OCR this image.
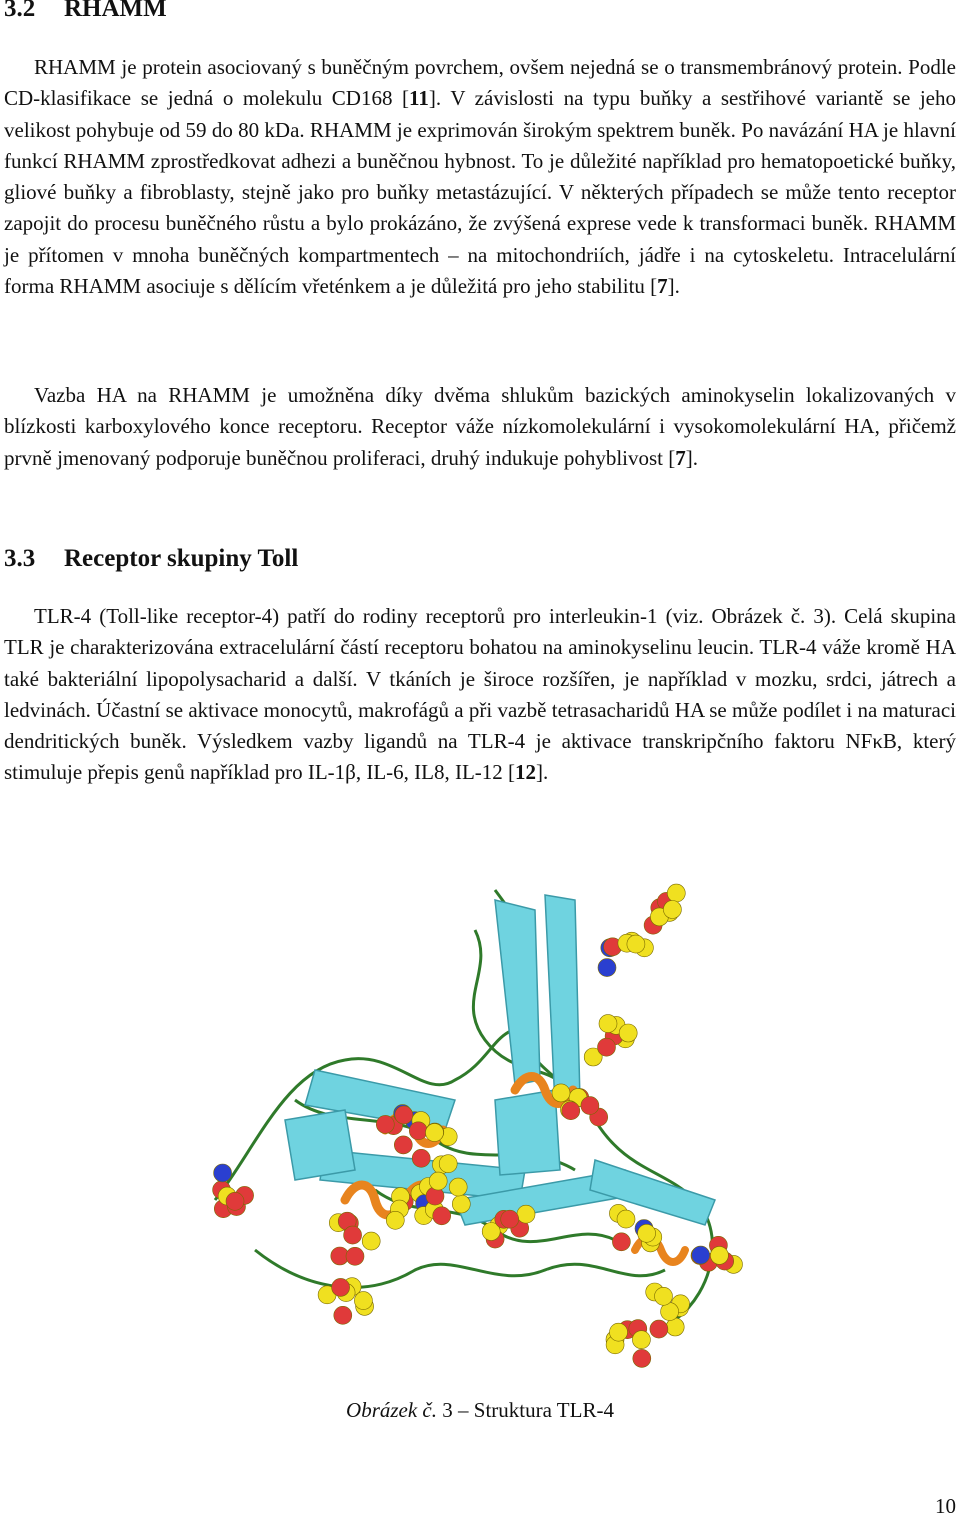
3.2 RHAMM

RHAMM je protein asociovaný s buněčným povrchem, ovšem nejedná se o transmembránový protein. Podle CD-klasifikace se jedná o molekulu CD168 [11]. V závislosti na typu buňky a sestřihové variantě se jeho velikost pohybuje od 59 do 80 kDa. RHAMM je exprimován širokým spektrem buněk. Po navázání HA je hlavní funkcí RHAMM zprostředkovat adhezi a buněčnou hybnost. To je důležité například pro hematopoetické buňky, gliové buňky a fibroblasty, stejně jako pro buňky metastázující. V některých případech se může tento receptor zapojit do procesu buněčného růstu a bylo prokázáno, že zvýšená exprese vede k transformaci buněk. RHAMM je přítomen v mnoha buněčných kompartmentech – na mitochondriích, jádře i na cytoskeletu. Intracelulární forma RHAMM asociuje s dělícím vřeténkem a je důležitá pro jeho stabilitu [7].

Vazba HA na RHAMM je umožněna díky dvěma shlukům bazických aminokyselin lokalizovaných v blízkosti karboxylového konce receptoru. Receptor váže nízkomolekulární i vysokomolekulární HA, přičemž prvně jmenovaný podporuje buněčnou proliferaci, druhý indukuje pohyblivost [7].

3.3 Receptor skupiny Toll

TLR-4 (Toll-like receptor-4) patří do rodiny receptorů pro interleukin-1 (viz. Obrázek č. 3). Celá skupina TLR je charakterizována extracelulární částí receptoru bohatou na aminokyselinu leucin. TLR-4 váže kromě HA také bakteriální lipopolysacharid a další. V tkáních je široce rozšířen, je například v mozku, srdci, játrech a ledvinách. Účastní se aktivace monocytů, makrofágů a při vazbě tetrasacharidů HA se může podílet i na maturaci dendritických buněk. Výsledkem vazby ligandů na TLR-4 je aktivace transkripčního faktoru NFκB, který stimuluje přepis genů například pro IL-1β, IL-6, IL8, IL-12 [12].

Obrázek č. 3 – Struktura TLR-4
10
